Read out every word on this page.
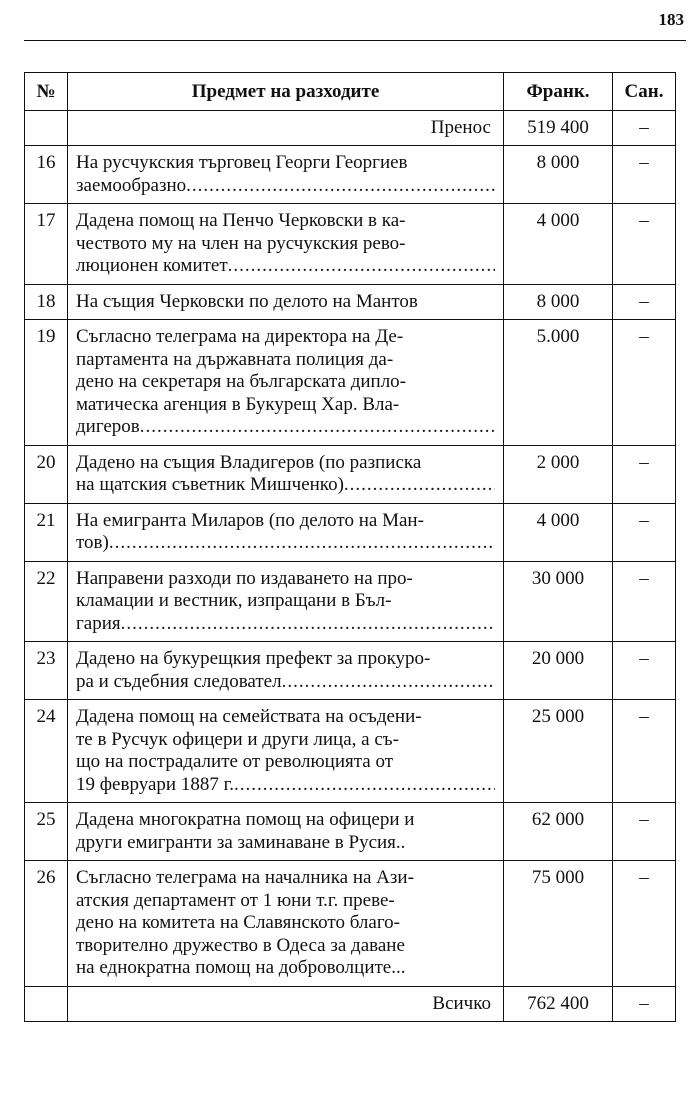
183
№	Предмет на разходите	Франк.	Сан.
	Пренос	519 400	–
16	На русчукския търговец Георги Георгиев
заемообразно
.....	8 000	–
17	Дадена помощ на Пенчо Черковски в ка-
чеството му на член на русчукския рево-
люционен комитет
.....	4 000	–
18	На същия Черковски по делото на Мантов	8 000	–
19	Съгласно телеграма на директора на Де-
партамента на държавната полиция да-
дено на секретаря на българската дипло-
матическа агенция в Букурещ Хар. Вла-
дигеров
.....	5.000	–
20	Дадено на същия Владигеров (по разписка
на щатския съветник Мишченко)
.....	2 000	–
21	На емигранта Миларов (по делото на Ман-
тов)
.....	4 000	–
22	Направени разходи по издаването на про-
кламации и вестник, изпращани в Бъл-
гария
.....	30 000	–
23	Дадено на букурещкия префект за прокуро-
ра и съдебния следовател
.....	20 000	–
24	Дадена помощ на семействата на осъдени-
те в Русчук офицери и други лица, а съ-
що на пострадалите от революцията от
19 февруари 1887 г.
.....	25 000	–
25	Дадена многократна помощ на офицери и
други емигранти за заминаване в Русия..	62 000	–
26	Съгласно телеграма на началника на Ази-
атския департамент от 1 юни т.г. преве-
дено на комитета на Славянското благо-
творително дружество в Одеса за даване
на еднократна помощ на доброволците...	75 000	–
	Всичко	762 400	–
